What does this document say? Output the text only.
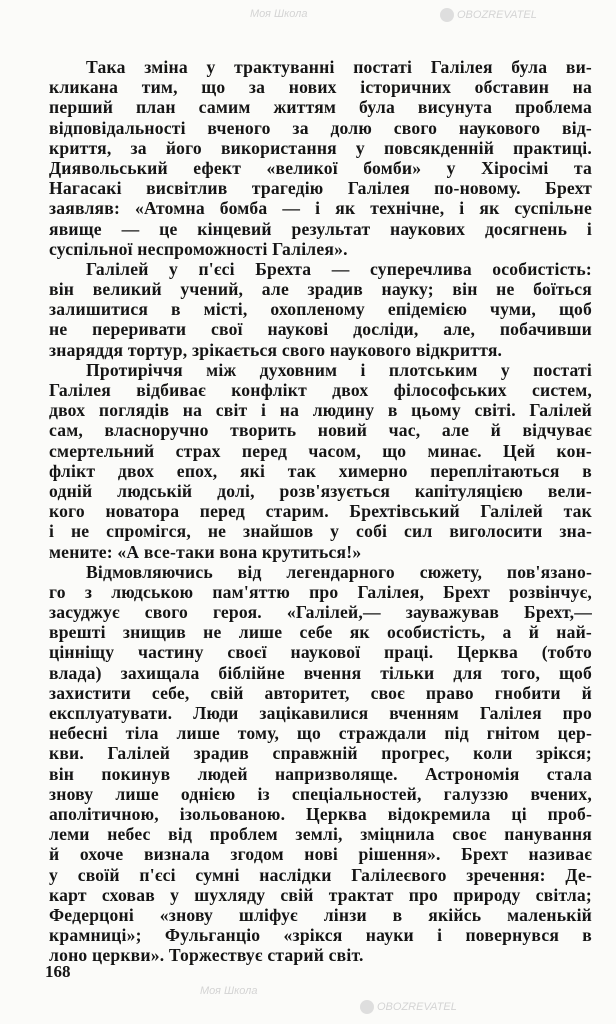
Моя Школа	OBOZREVATEL
Моя Школа
OBOZREVATEL
Така зміна у трактуванні постаті Галілея була ви-
кликана тим, що за нових історичних обставин на
перший план самим життям була висунута проблема
відповідальності вченого за долю свого наукового від-
криття, за його використання у повсякденній практиці.
Диявольський ефект «великої бомби» у Хіросімі та
Нагасакі висвітлив трагедію Галілея по-новому. Брехт
заявляв: «Атомна бомба — і як технічне, і як суспільне
явище — це кінцевий результат наукових досягнень і
суспільної неспроможності Галілея».
Галілей у п'єсі Брехта — суперечлива особистість:
він великий учений, але зрадив науку; він не боїться
залишитися в місті, охопленому епідемією чуми, щоб
не переривати свої наукові досліди, але, побачивши
знаряддя тортур, зрікається свого наукового відкриття.
Протиріччя між духовним і плотським у постаті
Галілея відбиває конфлікт двох філософських систем,
двох поглядів на світ і на людину в цьому світі. Галілей
сам, власноручно творить новий час, але й відчуває
смертельний страх перед часом, що минає. Цей кон-
флікт двох епох, які так химерно переплітаються в
одній людській долі, розв'язується капітуляцією вели-
кого новатора перед старим. Брехтівський Галілей так
і не спромігся, не знайшов у собі сил виголосити зна-
мените: «А все-таки вона крутиться!»
Відмовляючись від легендарного сюжету, пов'язано-
го з людською пам'яттю про Галілея, Брехт розвінчує,
засуджує свого героя. «Галілей,— зауважував Брехт,—
врешті знищив не лише себе як особистість, а й най-
цінніщу частину своєї наукової праці. Церква (тобто
влада) захищала біблійне вчення тільки для того, щоб
захистити себе, свій авторитет, своє право гнобити й
експлуатувати. Люди зацікавилися вченням Галілея про
небесні тіла лише тому, що страждали під гнітом цер-
кви. Галілей зрадив справжній прогрес, коли зрікся;
він покинув людей напризволяще. Астрономія стала
знову лише однією із спеціальностей, галуззю вчених,
аполітичною, ізольованою. Церква відокремила ці проб-
леми небес від проблем землі, зміцнила своє панування
й охоче визнала згодом нові рішення». Брехт називає
у своїй п'єсі сумні наслідки Галілеєвого зречення: Де-
карт сховав у шухляду свій трактат про природу світла;
Федерцоні «знову шліфує лінзи в якійсь маленькій
крамниці»; Фульганціо «зрікся науки і повернувся в
лоно церкви». Торжествує старий світ.
168
